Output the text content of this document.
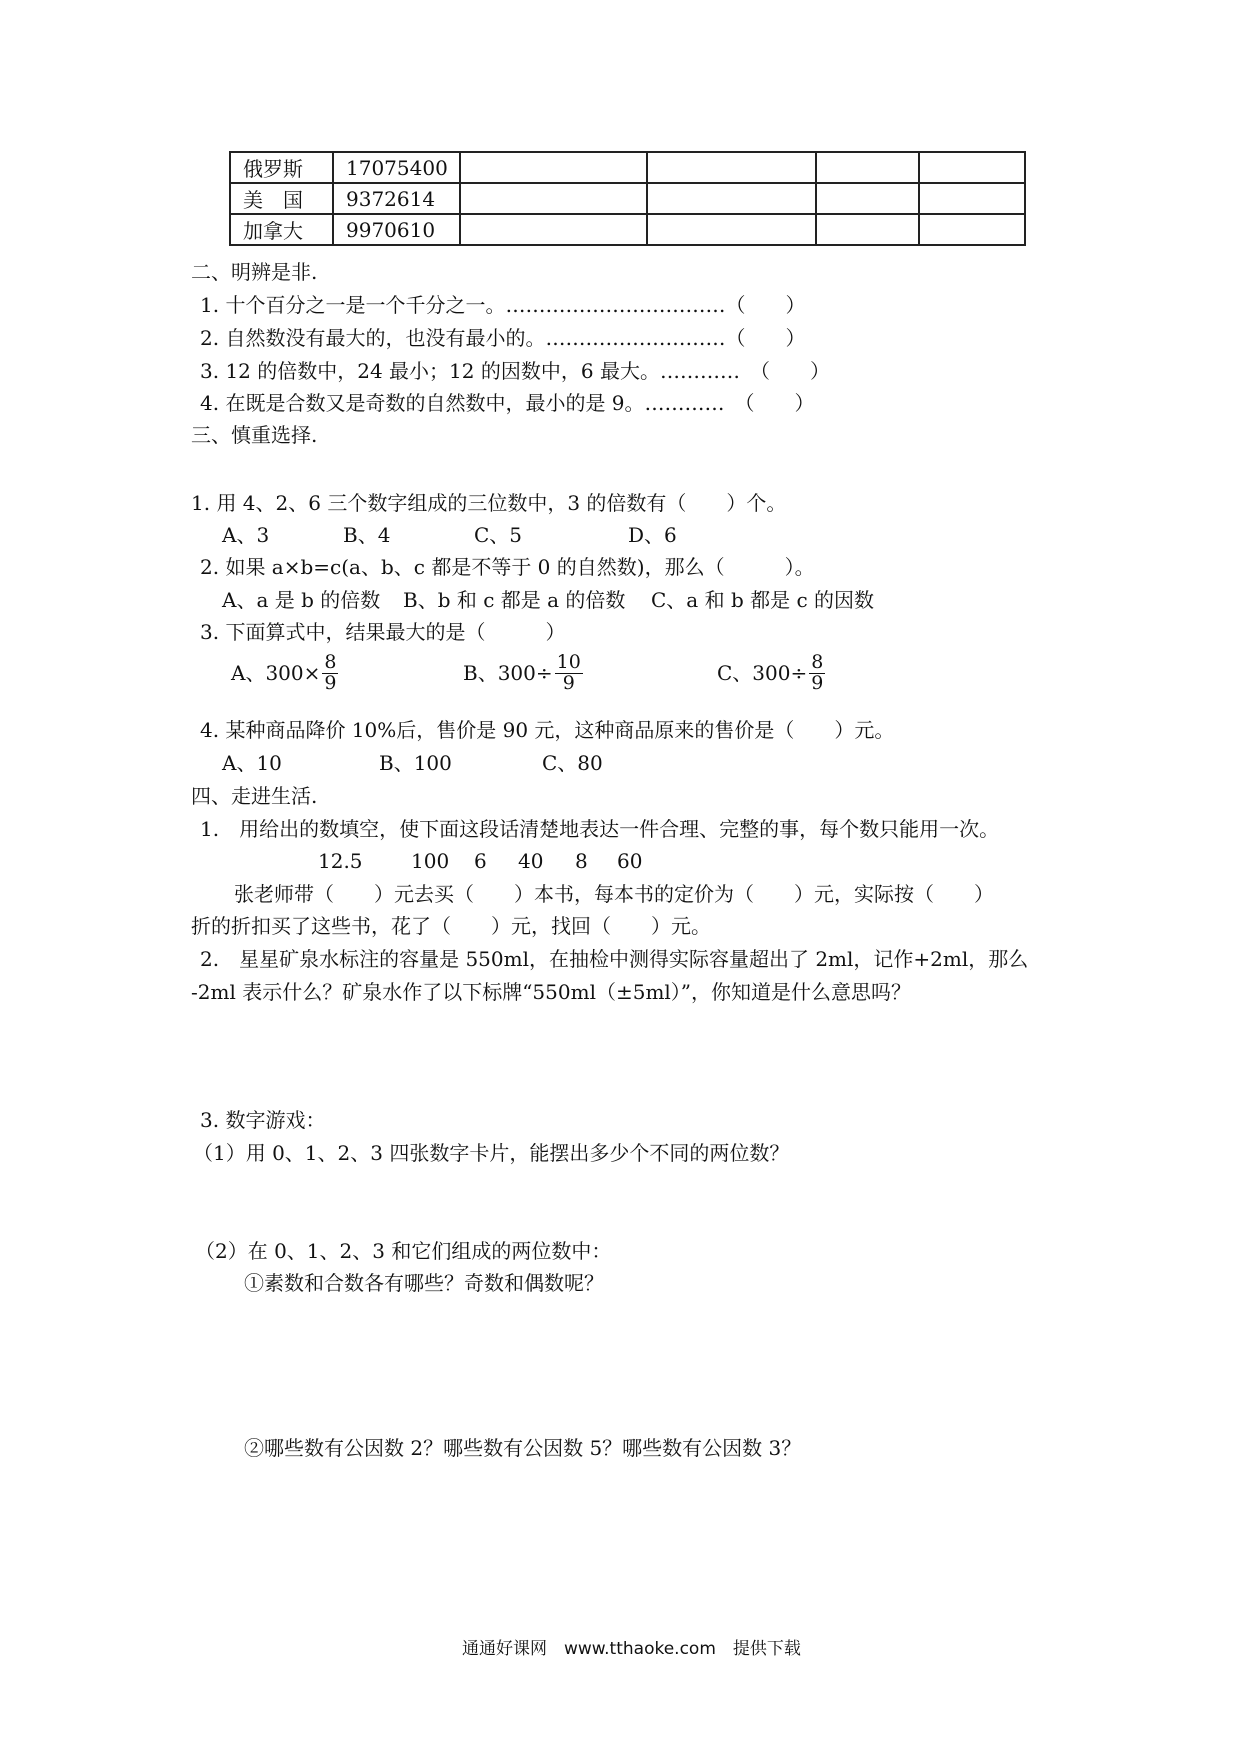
俄罗斯	17075400				
美　国	9372614				
加拿大	9970610				
二、明辨是非.
1. 十个百分之一是一个千分之一。……………………………（　　）
2. 自然数没有最大的，也没有最小的。………………………（　　）
3. 12 的倍数中，24 最小；12 的因数中，6 最大。…………　（　　）
4. 在既是合数又是奇数的自然数中，最小的是 9。…………　（　　）
三、慎重选择.
1. 用 4、2、6 三个数字组成的三位数中，3 的倍数有（　　）个。
A、3	B、4	C、5	D、6
2. 如果 a×b=c(a、b、c 都是不等于 0 的自然数)，那么（　　　）。
A、a 是 b 的倍数 B、b 和 c 都是 a 的倍数 C、a 和 b 都是 c 的因数
3. 下面算式中，结果最大的是（　　　）
A、$300\times \frac{8}{9}$	B、$300\div \frac{10}{9}$	C、$300\div \frac{8}{9}$
4. 某种商品降价 10%后，售价是 90 元，这种商品原来的售价是（　　）元。
A、10	B、100	C、80
四、走进生活.
1.　用给出的数填空，使下面这段话清楚地表达一件合理、完整的事，每个数只能用一次。
12.5 100 6 40 8 60
张老师带（　　）元去买（　　）本书，每本书的定价为（　　）元，实际按（　　）
折的折扣买了这些书，花了（　　）元，找回（　　）元。
2.　星星矿泉水标注的容量是 550ml，在抽检中测得实际容量超出了 2ml，记作+2ml，那么
-2ml 表示什么？矿泉水作了以下标牌“550ml（±5ml）”，你知道是什么意思吗？
3. 数字游戏：
（1）用 0、1、2、3 四张数字卡片，能摆出多少个不同的两位数？
（2）在 0、1、2、3 和它们组成的两位数中：
①素数和合数各有哪些？奇数和偶数呢？
②哪些数有公因数 2？哪些数有公因数 5？哪些数有公因数 3？
通通好课网　www.tthaoke.com　提供下载
